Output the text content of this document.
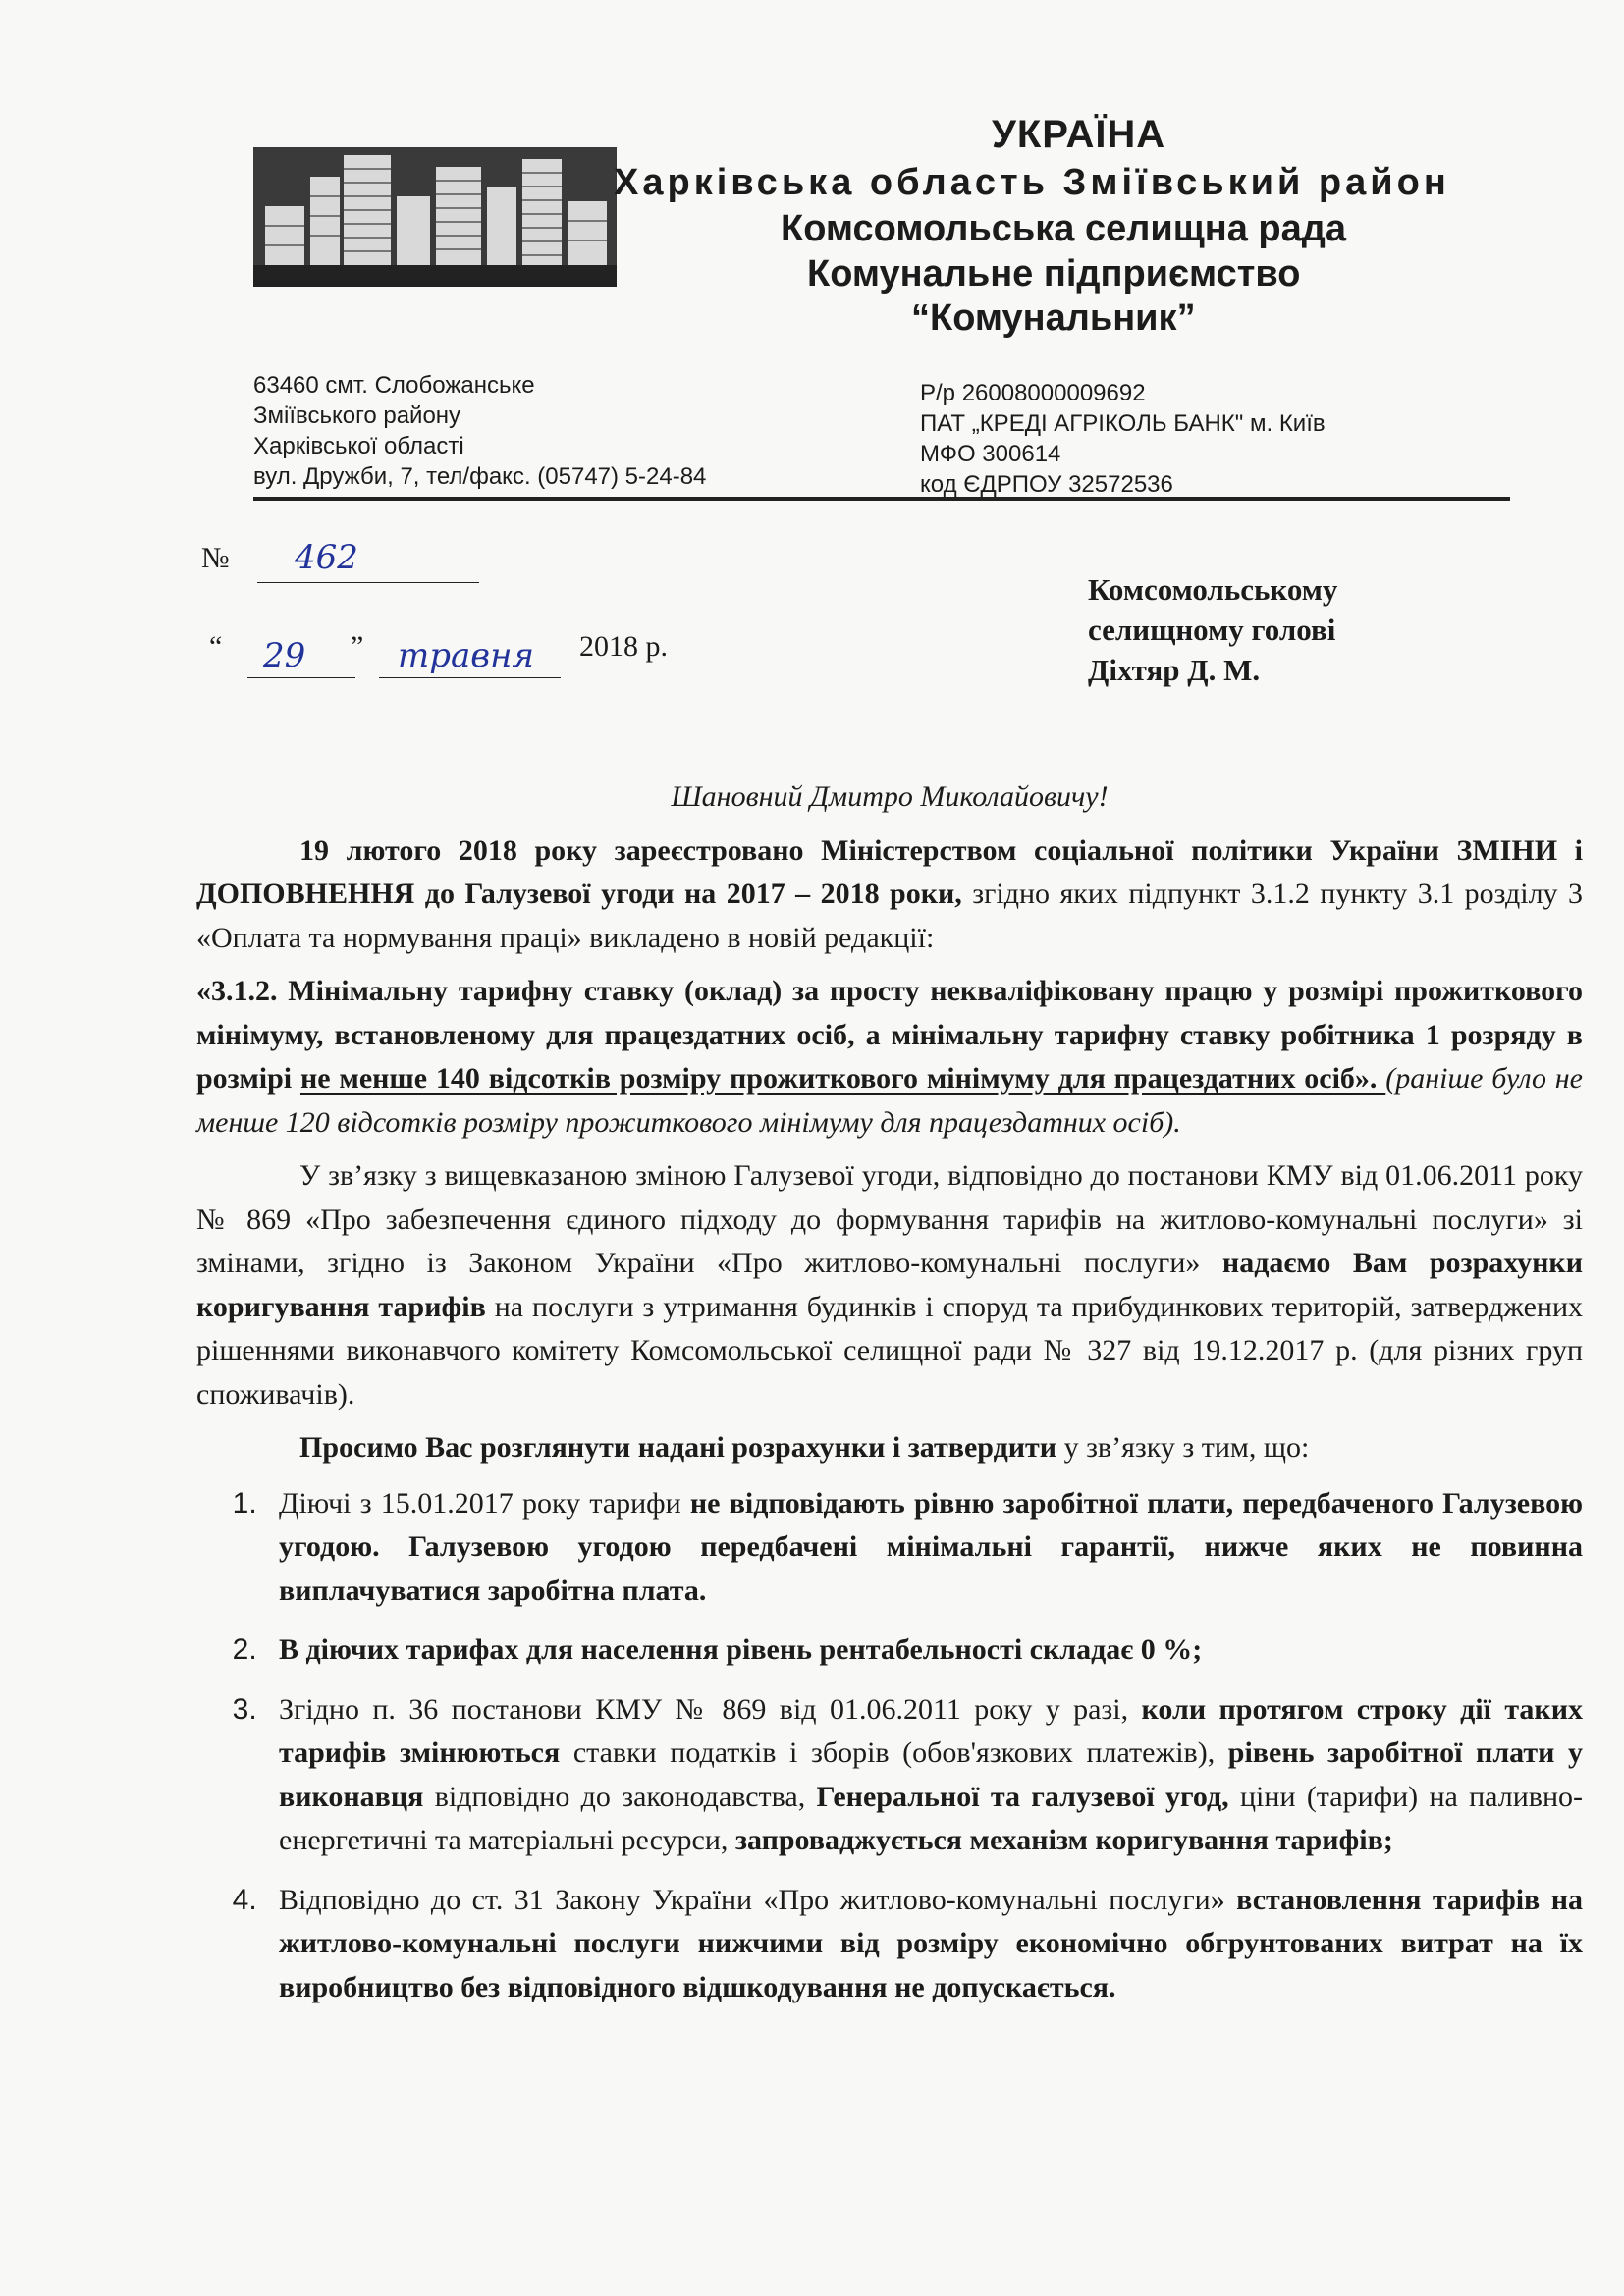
УКРАЇНА
Харківська область Зміївський район
Комсомольська селищна рада
Комунальне підприємство
“Комунальник”
63460 смт. Слобожанське
Зміївського району
Харківської області
вул. Дружби, 7, тел/факс. (05747) 5-24-84
Р/р 26008000009692
ПАТ „КРЕДІ АГРІКОЛЬ БАНК" м. Київ
МФО 300614
код ЄДРПОУ 32572536
№ 462
“ 29 ” травня 2018 р.
Комсомольському
селищному голові
Діхтяр Д. М.

Шановний Дмитро Миколайовичу!

19 лютого 2018 року зареєстровано Міністерством соціальної політики України ЗМІНИ і ДОПОВНЕННЯ до Галузевої угоди на 2017 – 2018 роки, згідно яких підпункт 3.1.2 пункту 3.1 розділу 3 «Оплата та нормування праці» викладено в новій редакції:

«3.1.2. Мінімальну тарифну ставку (оклад) за просту некваліфіковану працю у розмірі прожиткового мінімуму, встановленому для працездатних осіб, а мінімальну тарифну ставку робітника 1 розряду в розмірі не менше 140 відсотків розміру прожиткового мінімуму для працездатних осіб». (раніше було не менше 120 відсотків розміру прожиткового мінімуму для працездатних осіб).

У зв’язку з вищевказаною зміною Галузевої угоди, відповідно до постанови КМУ від 01.06.2011 року № 869 «Про забезпечення єдиного підходу до формування тарифів на житлово-комунальні послуги» зі змінами, згідно із Законом України «Про житлово-комунальні послуги» надаємо Вам розрахунки коригування тарифів на послуги з утримання будинків і споруд та прибудинкових територій, затверджених рішеннями виконавчого комітету Комсомольської селищної ради № 327 від 19.12.2017 р. (для різних груп споживачів).

Просимо Вас розглянути надані розрахунки і затвердити у зв’язку з тим, що:

1. Діючі з 15.01.2017 року тарифи не відповідають рівню заробітної плати, передбаченого Галузевою угодою. Галузевою угодою передбачені мінімальні гарантії, нижче яких не повинна виплачуватися заробітна плата.
2. В діючих тарифах для населення рівень рентабельності складає 0 %;
3. Згідно п. 36 постанови КМУ № 869 від 01.06.2011 року у разі, коли протягом строку дії таких тарифів змінюються ставки податків і зборів (обов'язкових платежів), рівень заробітної плати у виконавця відповідно до законодавства, Генеральної та галузевої угод, ціни (тарифи) на паливно-енергетичні та матеріальні ресурси, запроваджується механізм коригування тарифів;
4. Відповідно до ст. 31 Закону України «Про житлово-комунальні послуги» встановлення тарифів на житлово-комунальні послуги нижчими від розміру економічно обгрунтованих витрат на їх виробництво без відповідного відшкодування не допускається.
